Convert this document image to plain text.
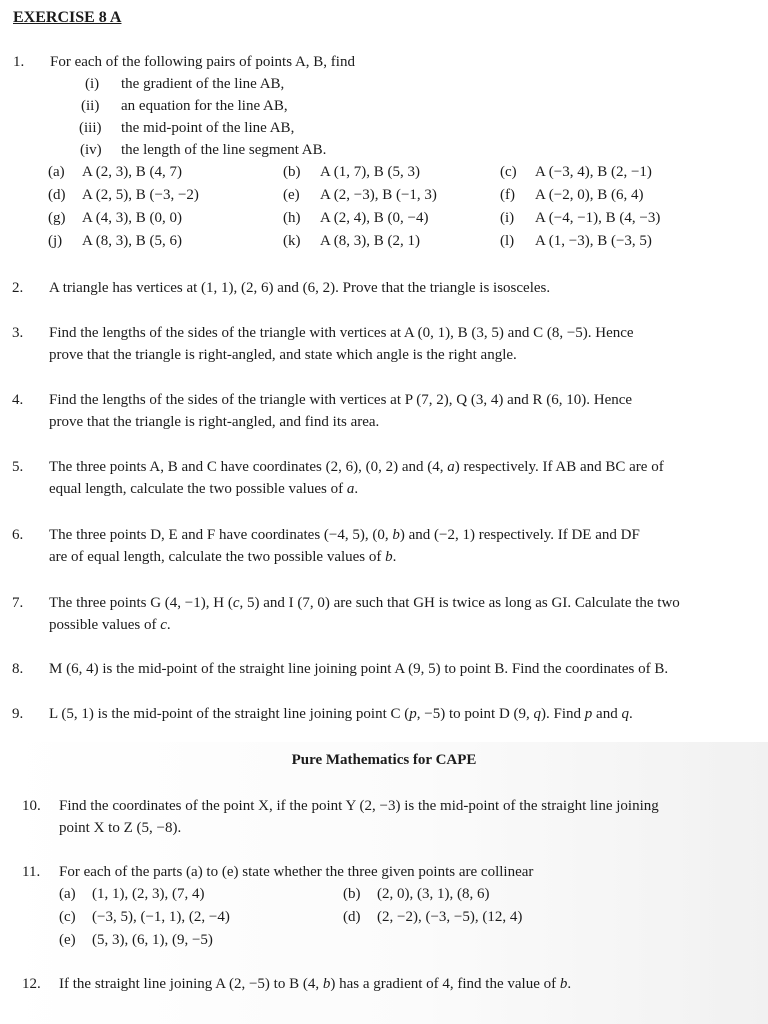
EXERCISE 8 A
1. For each of the following pairs of points A, B, find
(i) the gradient of the line AB,
(ii) an equation for the line AB,
(iii) the mid-point of the line AB,
(iv) the length of the line segment AB.
(a) A (2, 3), B (4, 7)	(b) A (1, 7), B (5, 3)	(c) A (−3, 4), B (2, −1)
(d) A (2, 5), B (−3, −2)	(e) A (2, −3), B (−1, 3)	(f) A (−2, 0), B (6, 4)
(g) A (4, 3), B (0, 0)	(h) A (2, 4), B (0, −4)	(i) A (−4, −1), B (4, −3)
(j) A (8, 3), B (5, 6)	(k) A (8, 3), B (2, 1)	(l) A (1, −3), B (−3, 5)
2. A triangle has vertices at (1, 1), (2, 6) and (6, 2). Prove that the triangle is isosceles.
3. Find the lengths of the sides of the triangle with vertices at A (0, 1), B (3, 5) and C (8, −5). Hence
prove that the triangle is right-angled, and state which angle is the right angle.
4. Find the lengths of the sides of the triangle with vertices at P (7, 2), Q (3, 4) and R (6, 10). Hence
prove that the triangle is right-angled, and find its area.
5. The three points A, B and C have coordinates (2, 6), (0, 2) and (4, a) respectively. If AB and BC are of
equal length, calculate the two possible values of a.
6. The three points D, E and F have coordinates (−4, 5), (0, b) and (−2, 1) respectively. If DE and DF
are of equal length, calculate the two possible values of b.
7. The three points G (4, −1), H (c, 5) and I (7, 0) are such that GH is twice as long as GI. Calculate the two
possible values of c.
8. M (6, 4) is the mid-point of the straight line joining point A (9, 5) to point B. Find the coordinates of B.
9. L (5, 1) is the mid-point of the straight line joining point C (p, −5) to point D (9, q). Find p and q.
Pure Mathematics for CAPE
10. Find the coordinates of the point X, if the point Y (2, −3) is the mid-point of the straight line joining
point X to Z (5, −8).
11. For each of the parts (a) to (e) state whether the three given points are collinear
(a) (1, 1), (2, 3), (7, 4)	(b) (2, 0), (3, 1), (8, 6)
(c) (−3, 5), (−1, 1), (2, −4)	(d) (2, −2), (−3, −5), (12, 4)
(e) (5, 3), (6, 1), (9, −5)
12. If the straight line joining A (2, −5) to B (4, b) has a gradient of 4, find the value of b.
